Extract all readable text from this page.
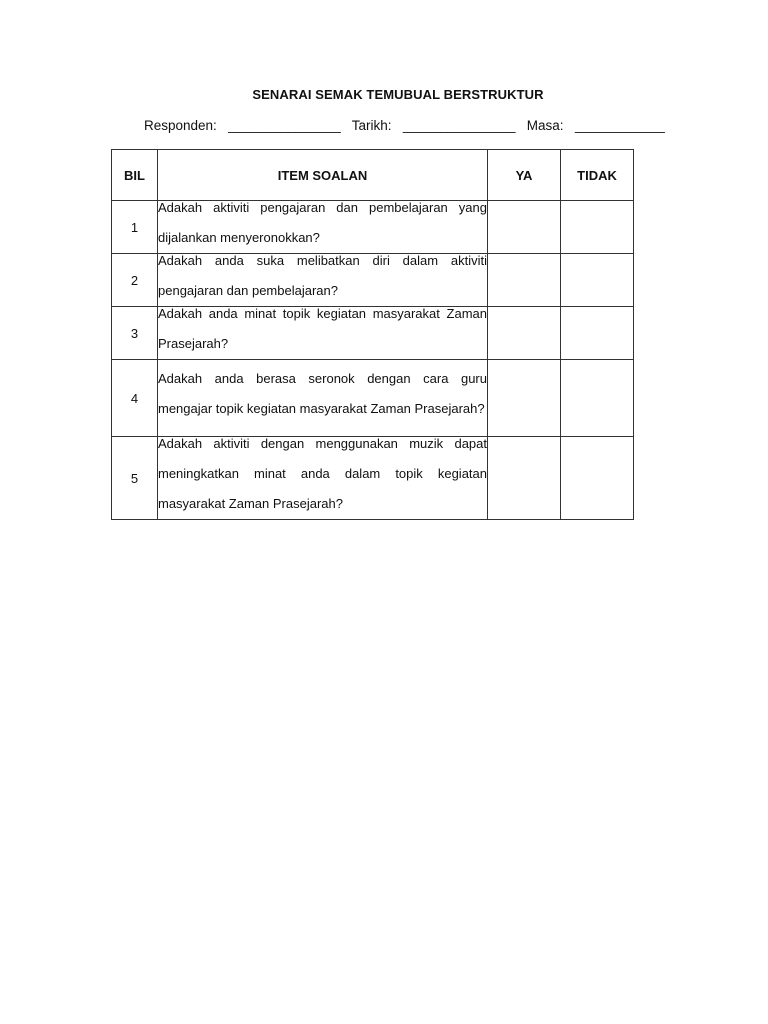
SENARAI SEMAK TEMUBUAL BERSTRUKTUR
Responden: _______________ Tarikh: _______________ Masa: ____________
BIL	ITEM SOALAN	YA	TIDAK
1	Adakah aktiviti pengajaran dan pembelajaran yang dijalankan menyeronokkan?		

2	Adakah anda suka melibatkan diri dalam aktiviti pengajaran dan pembelajaran?		

3	Adakah anda minat topik kegiatan masyarakat Zaman Prasejarah?		

4	Adakah anda berasa seronok dengan cara guru mengajar topik kegiatan masyarakat Zaman Prasejarah?		

5	Adakah aktiviti dengan menggunakan muzik dapat meningkatkan minat anda dalam topik kegiatan masyarakat Zaman Prasejarah?		
